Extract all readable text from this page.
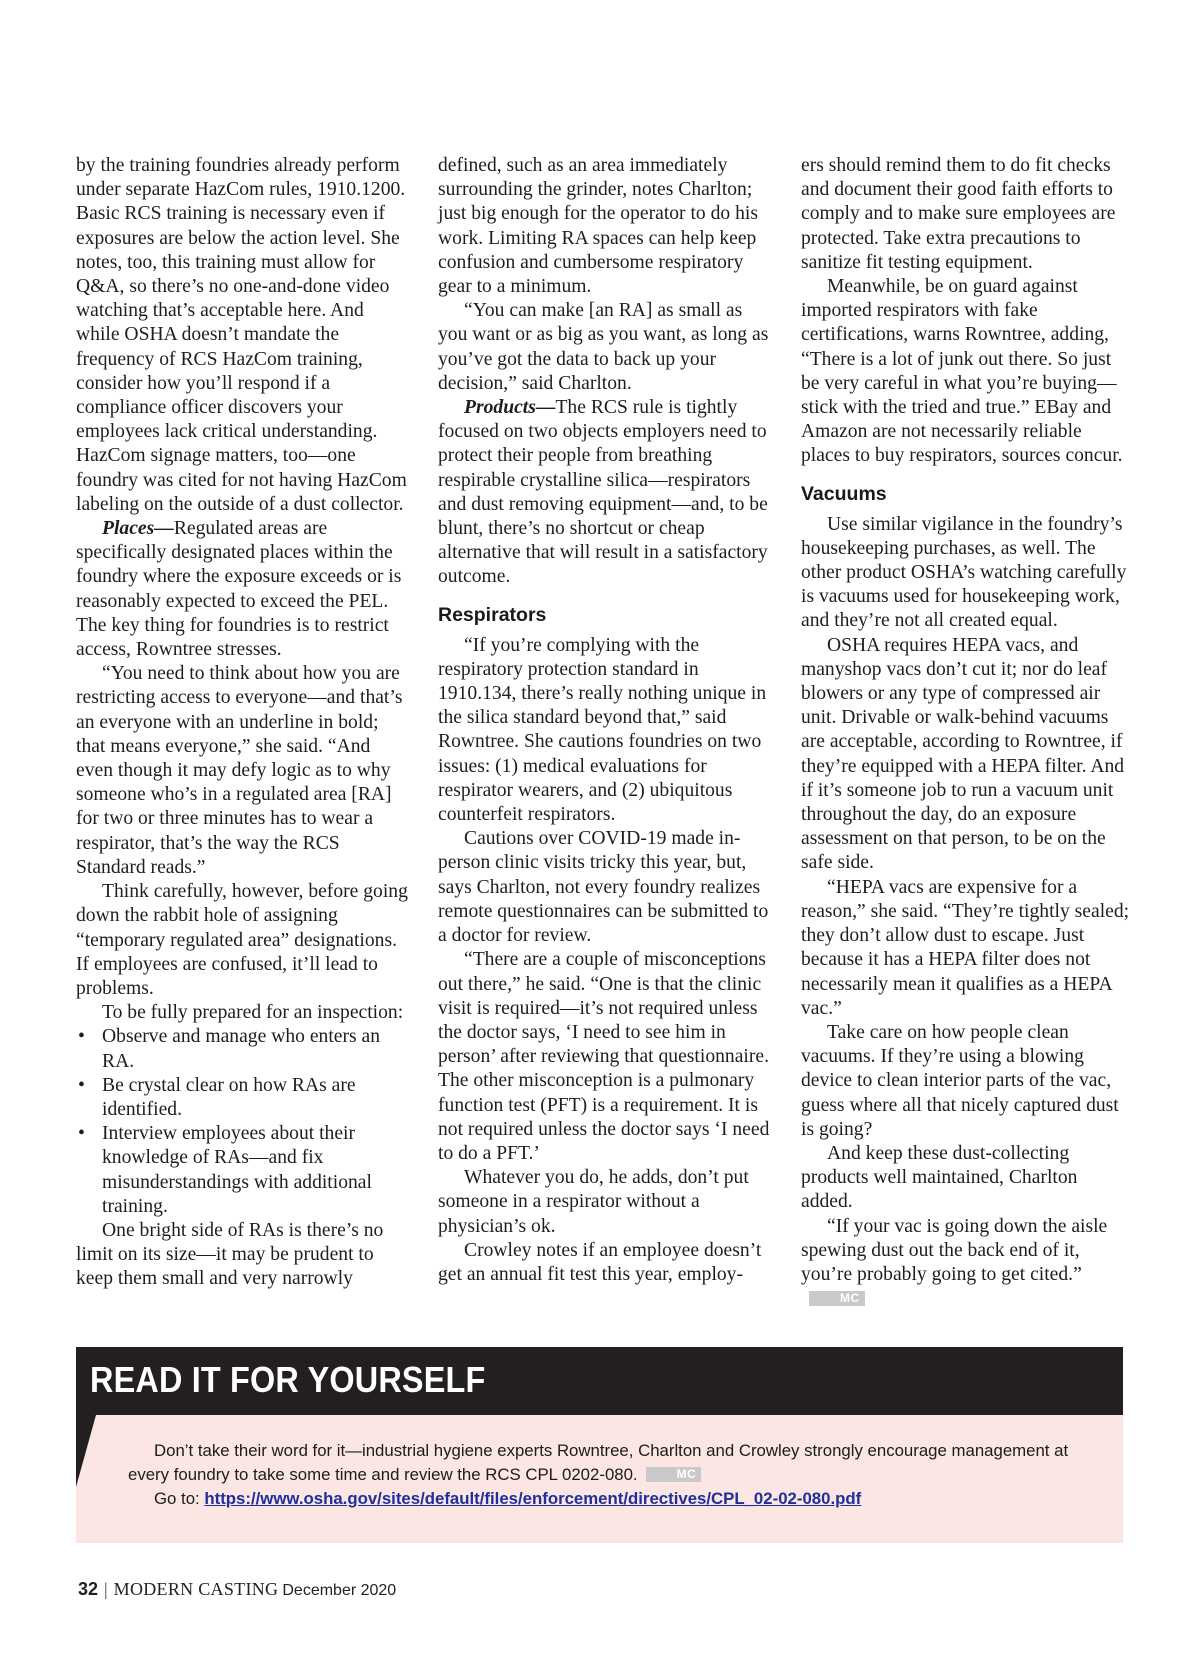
by the training foundries already perform under separate HazCom rules, 1910.1200. Basic RCS training is necessary even if exposures are below the action level. She notes, too, this training must allow for Q&A, so there’s no one-and-done video watching that’s acceptable here. And while OSHA doesn’t mandate the frequency of RCS HazCom training, consider how you’ll respond if a compliance officer discovers your employees lack critical understanding. HazCom signage matters, too—one foundry was cited for not having HazCom labeling on the outside of a dust collector.

Places—Regulated areas are specifically designated places within the foundry where the exposure exceeds or is reasonably expected to exceed the PEL. The key thing for foundries is to restrict access, Rowntree stresses.

“You need to think about how you are restricting access to everyone—and that’s an everyone with an underline in bold; that means everyone,” she said. “And even though it may defy logic as to why someone who’s in a regulated area [RA] for two or three minutes has to wear a respirator, that’s the way the RCS Standard reads.”

Think carefully, however, before going down the rabbit hole of assigning “temporary regulated area” designations. If employees are confused, it’ll lead to problems.

To be fully prepared for an inspection:

• Observe and manage who enters an RA.
• Be crystal clear on how RAs are identified.
• Interview employees about their knowledge of RAs—and fix misunderstandings with additional training.

One bright side of RAs is there’s no limit on its size—it may be prudent to keep them small and very narrowly

defined, such as an area immediately surrounding the grinder, notes Charlton; just big enough for the operator to do his work. Limiting RA spaces can help keep confusion and cumbersome respiratory gear to a minimum.

“You can make [an RA] as small as you want or as big as you want, as long as you’ve got the data to back up your decision,” said Charlton.

Products—The RCS rule is tightly focused on two objects employers need to protect their people from breathing respirable crystalline silica—respirators and dust removing equipment—and, to be blunt, there’s no shortcut or cheap alternative that will result in a satisfactory outcome.

Respirators

“If you’re complying with the respiratory protection standard in 1910.134, there’s really nothing unique in the silica standard beyond that,” said Rowntree. She cautions foundries on two issues: (1) medical evaluations for respirator wearers, and (2) ubiquitous counterfeit respirators.

Cautions over COVID-19 made in-person clinic visits tricky this year, but, says Charlton, not every foundry realizes remote questionnaires can be submitted to a doctor for review.

“There are a couple of misconceptions out there,” he said. “One is that the clinic visit is required—it’s not required unless the doctor says, ‘I need to see him in person’ after reviewing that questionnaire. The other misconception is a pulmonary function test (PFT) is a requirement. It is not required unless the doctor says ‘I need to do a PFT.’

Whatever you do, he adds, don’t put someone in a respirator without a physician’s ok.

Crowley notes if an employee doesn’t get an annual fit test this year, employ-

ers should remind them to do fit checks and document their good faith efforts to comply and to make sure employees are protected. Take extra precautions to sanitize fit testing equipment.

Meanwhile, be on guard against imported respirators with fake certifications, warns Rowntree, adding, “There is a lot of junk out there. So just be very careful in what you’re buying—stick with the tried and true.” EBay and Amazon are not necessarily reliable places to buy respirators, sources concur.

Vacuums

Use similar vigilance in the foundry’s housekeeping purchases, as well. The other product OSHA’s watching carefully is vacuums used for housekeeping work, and they’re not all created equal.

OSHA requires HEPA vacs, and manyshop vacs don’t cut it; nor do leaf blowers or any type of compressed air unit. Drivable or walk-behind vacuums are acceptable, according to Rowntree, if they’re equipped with a HEPA filter. And if it’s someone job to run a vacuum unit throughout the day, do an exposure assessment on that person, to be on the safe side.

“HEPA vacs are expensive for a reason,” she said. “They’re tightly sealed; they don’t allow dust to escape. Just because it has a HEPA filter does not necessarily mean it qualifies as a HEPA vac.”

Take care on how people clean vacuums. If they’re using a blowing device to clean interior parts of the vac, guess where all that nicely captured dust is going?

And keep these dust-collecting products well maintained, Charlton added.

“If your vac is going down the aisle spewing dust out the back end of it, you’re probably going to get cited.”MC

READ IT FOR YOURSELF

Don’t take their word for it—industrial hygiene experts Rowntree, Charlton and Crowley strongly encourage management at every foundry to take some time and review the RCS CPL 0202-080.	MC

Go to: https://www.osha.gov/sites/default/files/enforcement/directives/CPL_02-02-080.pdf

32 | MODERN CASTING December 2020
